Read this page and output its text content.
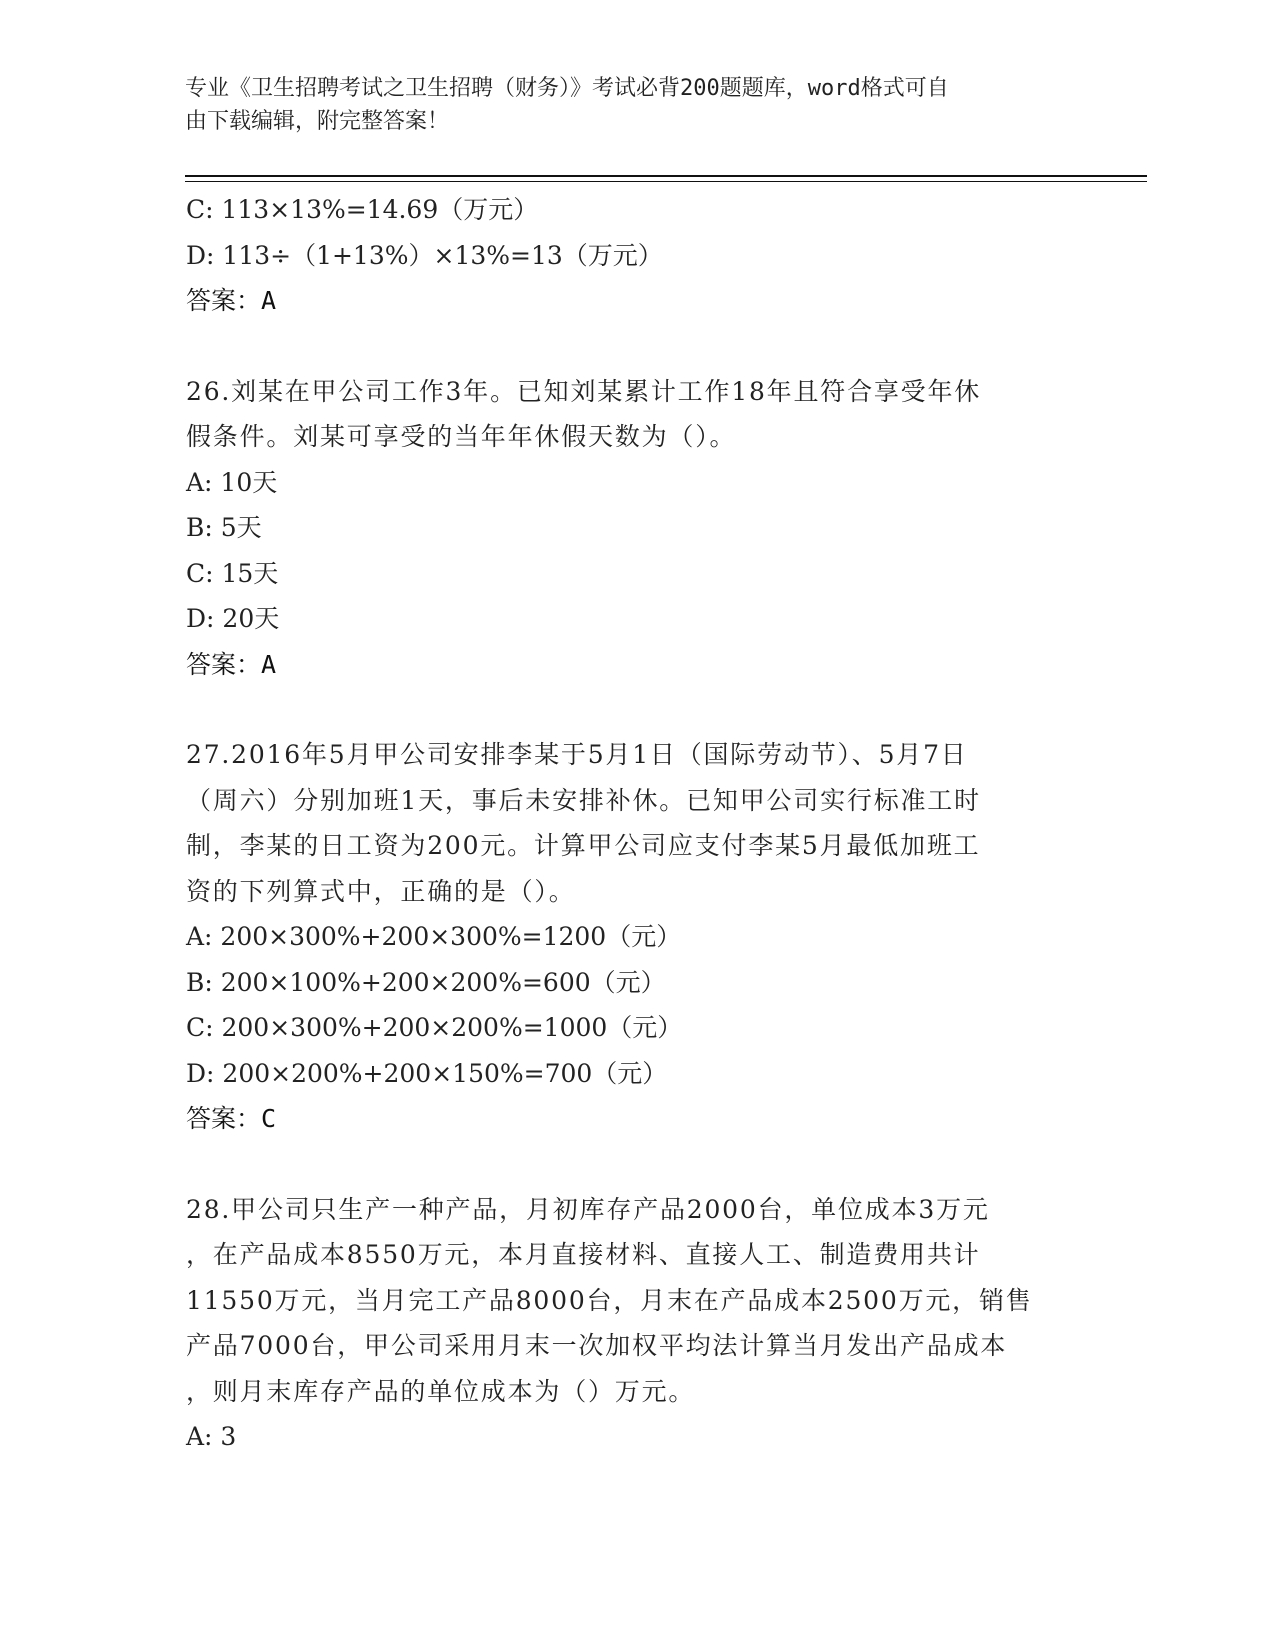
专业《卫生招聘考试之卫生招聘（财务）》考试必背200题题库，word格式可自
由下载编辑，附完整答案！
C: 113×13%=14.69（万元）
D: 113÷（1+13%）×13%=13（万元）
答案：A
26.刘某在甲公司工作3年。已知刘某累计工作18年且符合享受年休
假条件。刘某可享受的当年年休假天数为（）。
A: 10天
B: 5天
C: 15天
D: 20天
答案：A
27.2016年5月甲公司安排李某于5月1日（国际劳动节）、5月7日
（周六）分别加班1天，事后未安排补休。已知甲公司实行标准工时
制，李某的日工资为200元。计算甲公司应支付李某5月最低加班工
资的下列算式中，正确的是（）。
A: 200×300%+200×300%=1200（元）
B: 200×100%+200×200%=600（元）
C: 200×300%+200×200%=1000（元）
D: 200×200%+200×150%=700（元）
答案：C
28.甲公司只生产一种产品，月初库存产品2000台，单位成本3万元
，在产品成本8550万元，本月直接材料、直接人工、制造费用共计
11550万元，当月完工产品8000台，月末在产品成本2500万元，销售
产品7000台，甲公司采用月末一次加权平均法计算当月发出产品成本
，则月末库存产品的单位成本为（）万元。
A: 3
